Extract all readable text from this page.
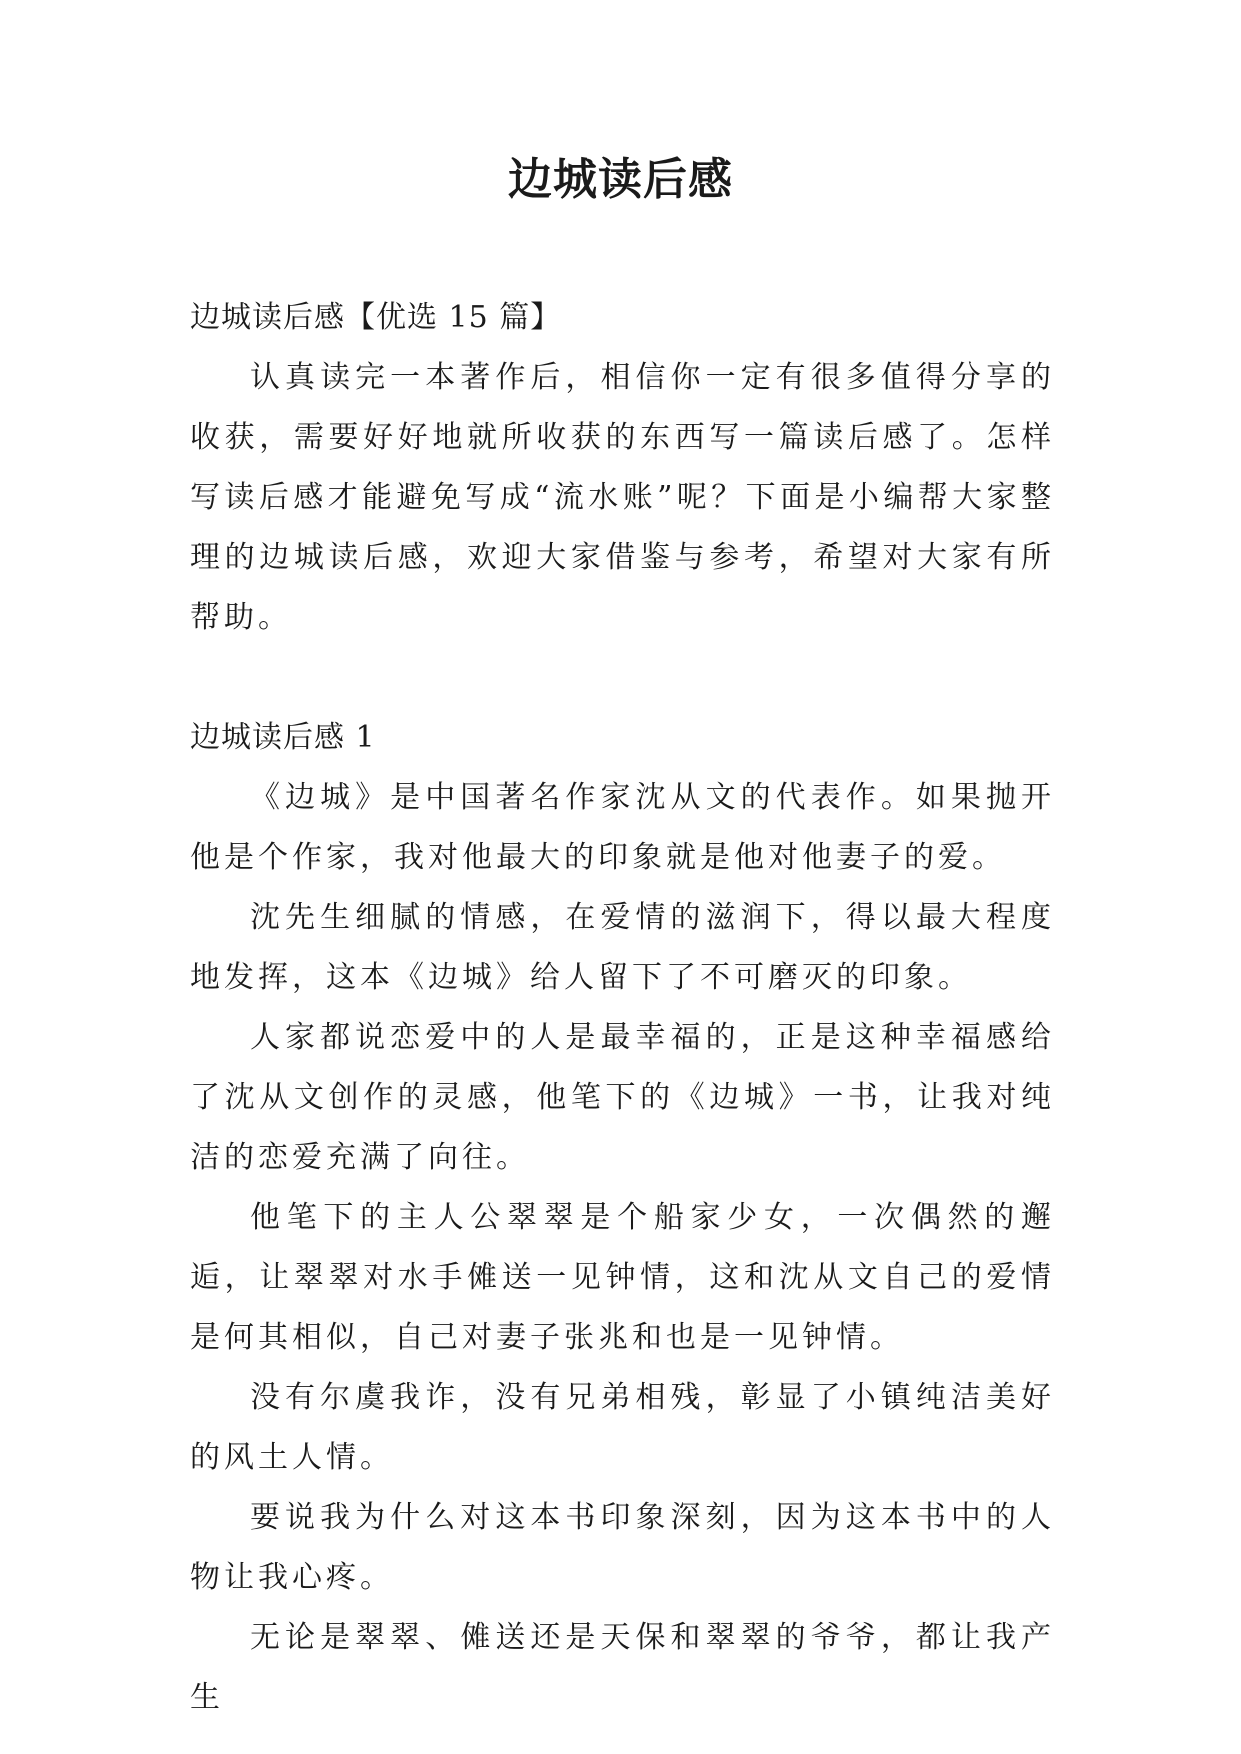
边城读后感

边城读后感【优选 15 篇】

认真读完一本著作后，相信你一定有很多值得分享的收获，需要好好地就所收获的东西写一篇读后感了。怎样写读后感才能避免写成“流水账”呢？下面是小编帮大家整理的边城读后感，欢迎大家借鉴与参考，希望对大家有所帮助。

边城读后感 1

《边城》是中国著名作家沈从文的代表作。如果抛开他是个作家，我对他最大的印象就是他对他妻子的爱。

沈先生细腻的情感，在爱情的滋润下，得以最大程度地发挥，这本《边城》给人留下了不可磨灭的印象。

人家都说恋爱中的人是最幸福的，正是这种幸福感给了沈从文创作的灵感，他笔下的《边城》一书，让我对纯洁的恋爱充满了向往。

他笔下的主人公翠翠是个船家少女，一次偶然的邂逅，让翠翠对水手傩送一见钟情，这和沈从文自己的爱情是何其相似，自己对妻子张兆和也是一见钟情。

没有尔虞我诈，没有兄弟相残，彰显了小镇纯洁美好的风土人情。

要说我为什么对这本书印象深刻，因为这本书中的人物让我心疼。

无论是翠翠、傩送还是天保和翠翠的爷爷，都让我产生
